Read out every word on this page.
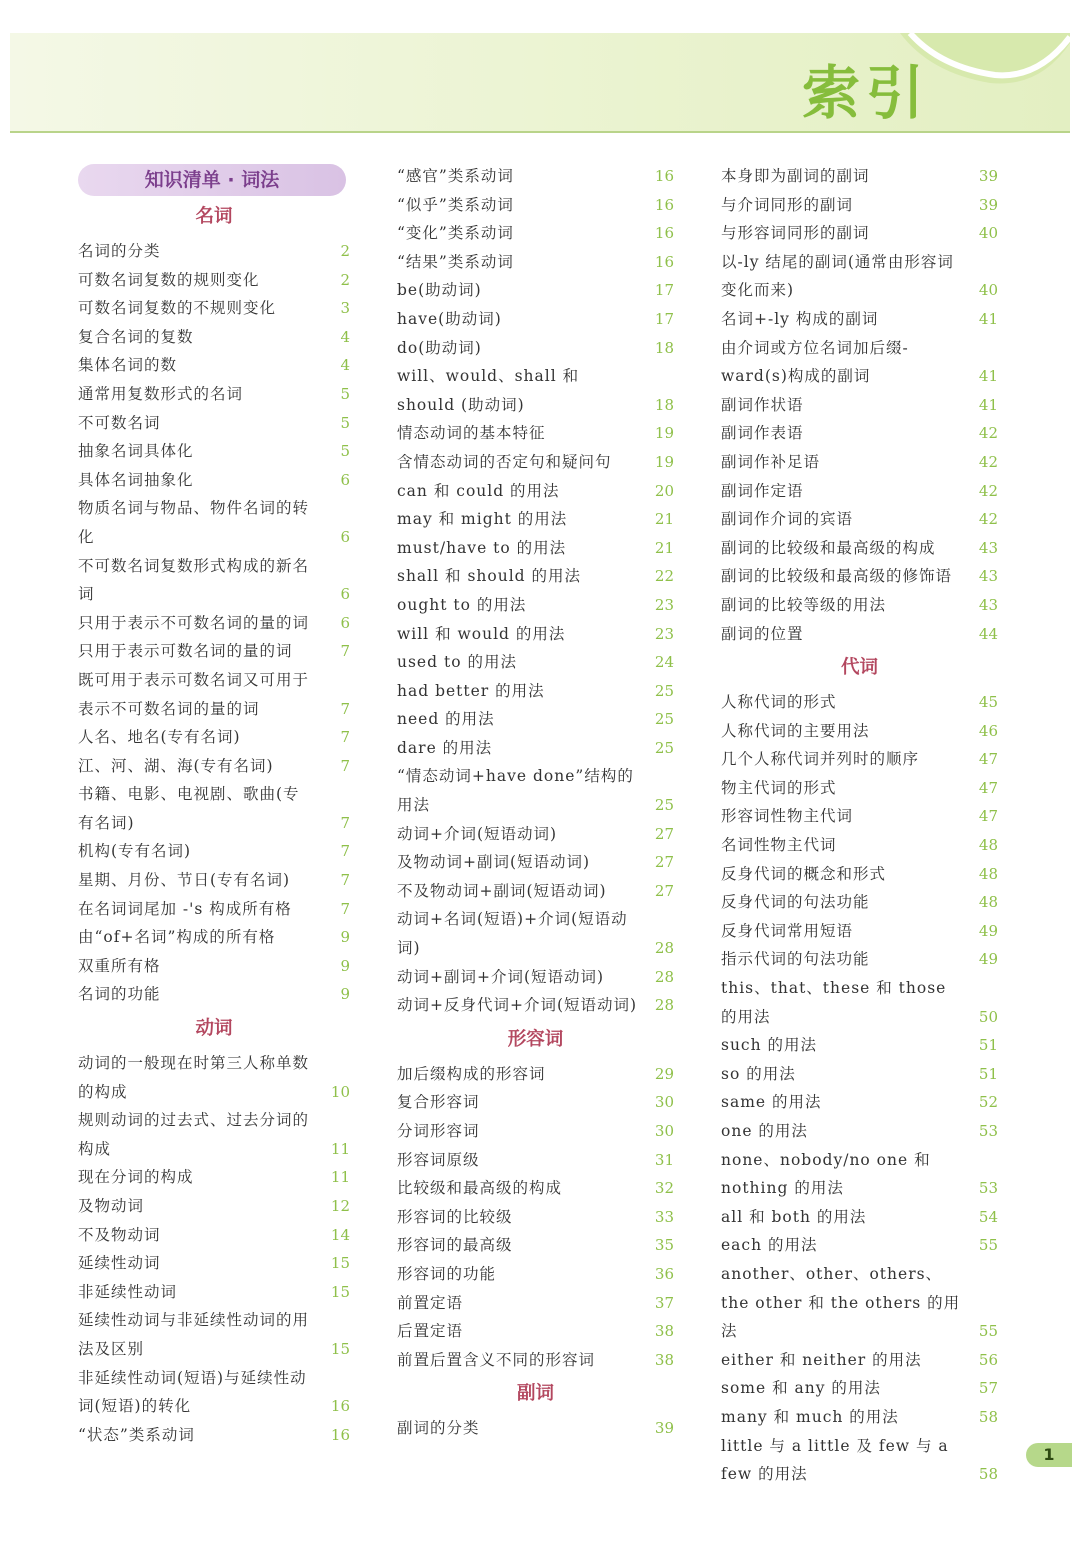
索引
知识清单 · 词法
名词
名词的分类	2
可数名词复数的规则变化	2
可数名词复数的不规则变化	3
复合名词的复数	4
集体名词的数	4
通常用复数形式的名词	5
不可数名词	5
抽象名词具体化	5
具体名词抽象化	6
物质名词与物品、物件名词的转化	6
不可数名词复数形式构成的新名词	6
只用于表示不可数名词的量的词	6
只用于表示可数名词的量的词	7
既可用于表示可数名词又可用于表示不可数名词的量的词	7
人名、地名(专有名词)	7
江、河、湖、海(专有名词)	7
书籍、电影、电视剧、歌曲(专有名词)	7
机构(专有名词)	7
星期、月份、节日(专有名词)	7
在名词词尾加 -'s 构成所有格	7
由“of+名词”构成的所有格	9
双重所有格	9
名词的功能	9
动词
动词的一般现在时第三人称单数的构成	10
规则动词的过去式、过去分词的构成	11
现在分词的构成	11
及物动词	12
不及物动词	14
延续性动词	15
非延续性动词	15
延续性动词与非延续性动词的用法及区别	15
非延续性动词(短语)与延续性动词(短语)的转化	16
“状态”类系动词	16
“感官”类系动词	16
“似乎”类系动词	16
“变化”类系动词	16
“结果”类系动词	16
be(助动词)	17
have(助动词)	17
do(助动词)	18
will、would、shall 和 should (助动词)	18
情态动词的基本特征	19
含情态动词的否定句和疑问句	19
can 和 could 的用法	20
may 和 might 的用法	21
must/have to 的用法	21
shall 和 should 的用法	22
ought to 的用法	23
will 和 would 的用法	23
used to 的用法	24
had better 的用法	25
need 的用法	25
dare 的用法	25
“情态动词+have done”结构的用法	25
动词+介词(短语动词)	27
及物动词+副词(短语动词)	27
不及物动词+副词(短语动词)	27
动词+名词(短语)+介词(短语动词)	28
动词+副词+介词(短语动词)	28
动词+反身代词+介词(短语动词)	28
形容词
加后缀构成的形容词	29
复合形容词	30
分词形容词	30
形容词原级	31
比较级和最高级的构成	32
形容词的比较级	33
形容词的最高级	35
形容词的功能	36
前置定语	37
后置定语	38
前置后置含义不同的形容词	38
副词
副词的分类	39
本身即为副词的副词	39
与介词同形的副词	39
与形容词同形的副词	40
以-ly 结尾的副词(通常由形容词变化而来)	40
名词+-ly 构成的副词	41
由介词或方位名词加后缀-ward(s)构成的副词	41
副词作状语	41
副词作表语	42
副词作补足语	42
副词作定语	42
副词作介词的宾语	42
副词的比较级和最高级的构成	43
副词的比较级和最高级的修饰语	43
副词的比较等级的用法	43
副词的位置	44
代词
人称代词的形式	45
人称代词的主要用法	46
几个人称代词并列时的顺序	47
物主代词的形式	47
形容词性物主代词	47
名词性物主代词	48
反身代词的概念和形式	48
反身代词的句法功能	48
反身代词常用短语	49
指示代词的句法功能	49
this、that、these 和 those 的用法	50
such 的用法	51
so 的用法	51
same 的用法	52
one 的用法	53
none、nobody/no one 和 nothing 的用法	53
all 和 both 的用法	54
each 的用法	55
another、other、others、the other 和 the others 的用法	55
either 和 neither 的用法	56
some 和 any 的用法	57
many 和 much 的用法	58
little 与 a little 及 few 与 a few 的用法	58
1
